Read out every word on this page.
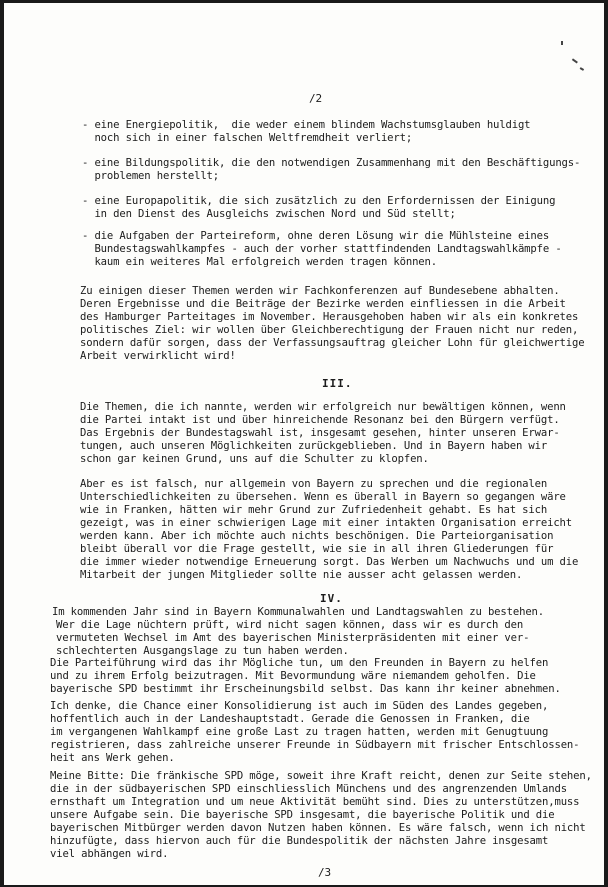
/2

- eine Energiepolitik,  die weder einem blindem Wachstumsglauben huldigt

noch sich in einer falschen Weltfremdheit verliert;

- eine Bildungspolitik, die den notwendigen Zusammenhang mit den Beschäftigungs-

problemen herstellt;

- eine Europapolitik, die sich zusätzlich zu den Erfordernissen der Einigung

in den Dienst des Ausgleichs zwischen Nord und Süd stellt;

- die Aufgaben der Parteireform, ohne deren Lösung wir die Mühlsteine eines

Bundestagswahlkampfes - auch der vorher stattfindenden Landtagswahlkämpfe -

kaum ein weiteres Mal erfolgreich werden tragen können.

Zu einigen dieser Themen werden wir Fachkonferenzen auf Bundesebene abhalten.

Deren Ergebnisse und die Beiträge der Bezirke werden einfliessen in die Arbeit

des Hamburger Parteitages im November. Herausgehoben haben wir als ein konkretes

politisches Ziel: wir wollen über Gleichberechtigung der Frauen nicht nur reden,

sondern dafür sorgen, dass der Verfassungsauftrag gleicher Lohn für gleichwertige

Arbeit verwirklicht wird!

III.

Die Themen, die ich nannte, werden wir erfolgreich nur bewältigen können, wenn

die Partei intakt ist und über hinreichende Resonanz bei den Bürgern verfügt.

Das Ergebnis der Bundestagswahl ist, insgesamt gesehen, hinter unseren Erwar-

tungen, auch unseren Möglichkeiten zurückgeblieben. Und in Bayern haben wir

schon gar keinen Grund, uns auf die Schulter zu klopfen.

Aber es ist falsch, nur allgemein von Bayern zu sprechen und die regionalen

Unterschiedlichkeiten zu übersehen. Wenn es überall in Bayern so gegangen wäre

wie in Franken, hätten wir mehr Grund zur Zufriedenheit gehabt. Es hat sich

gezeigt, was in einer schwierigen Lage mit einer intakten Organisation erreicht

werden kann. Aber ich möchte auch nichts beschönigen. Die Parteiorganisation

bleibt überall vor die Frage gestellt, wie sie in all ihren Gliederungen für

die immer wieder notwendige Erneuerung sorgt. Das Werben um Nachwuchs und um die

Mitarbeit der jungen Mitglieder sollte nie ausser acht gelassen werden.

IV.

Im kommenden Jahr sind in Bayern Kommunalwahlen und Landtagswahlen zu bestehen.

Wer die Lage nüchtern prüft, wird nicht sagen können, dass wir es durch den

vermuteten Wechsel im Amt des bayerischen Ministerpräsidenten mit einer ver-

schlechterten Ausgangslage zu tun haben werden.

Die Parteiführung wird das ihr Mögliche tun, um den Freunden in Bayern zu helfen

und zu ihrem Erfolg beizutragen. Mit Bevormundung wäre niemandem geholfen. Die

bayerische SPD bestimmt ihr Erscheinungsbild selbst. Das kann ihr keiner abnehmen.

Ich denke, die Chance einer Konsolidierung ist auch im Süden des Landes gegeben,

hoffentlich auch in der Landeshauptstadt. Gerade die Genossen in Franken, die

im vergangenen Wahlkampf eine große Last zu tragen hatten, werden mit Genugtuung

registrieren, dass zahlreiche unserer Freunde in Südbayern mit frischer Entschlossen-

heit ans Werk gehen.

Meine Bitte: Die fränkische SPD möge, soweit ihre Kraft reicht, denen zur Seite stehen,

die in der südbayerischen SPD einschliesslich Münchens und des angrenzenden Umlands

ernsthaft um Integration und um neue Aktivität bemüht sind. Dies zu unterstützen,muss

unsere Aufgabe sein. Die bayerische SPD insgesamt, die bayerische Politik und die

bayerischen Mitbürger werden davon Nutzen haben können. Es wäre falsch, wenn ich nicht

hinzufügte, dass hiervon auch für die Bundespolitik der nächsten Jahre insgesamt

viel abhängen wird.

/3
